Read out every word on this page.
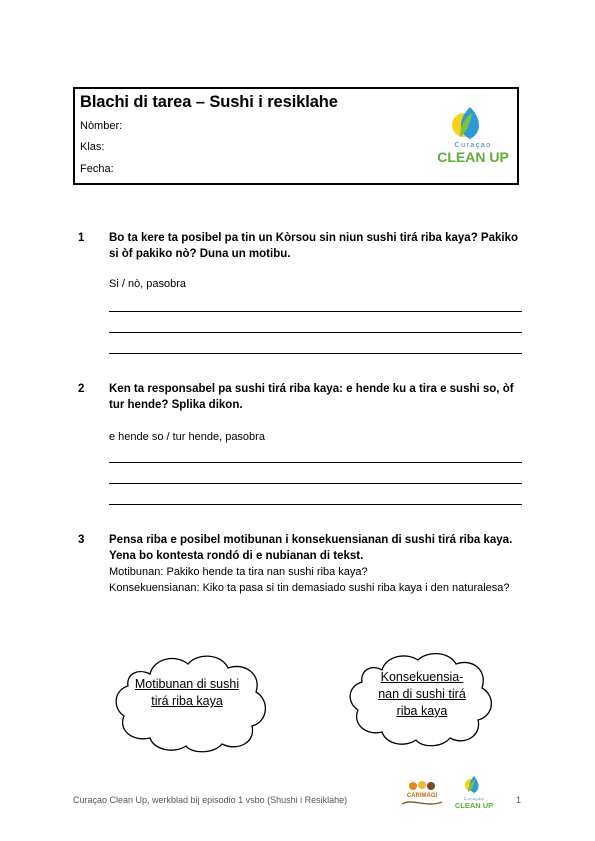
Blachi di tarea – Sushi i resiklahe
Nòmber:
Klas:
Fecha:
Curaçao
CLEAN UP
1 Bo ta kere ta posibel pa tin un Kòrsou sin niun sushi tirá riba kaya? Pakiko si òf pakiko nò? Duna un motibu.
Si / nò, pasobra
2 Ken ta responsabel pa sushi tirá riba kaya: e hende ku a tira e sushi so, òf tur hende? Splika dikon.
e hende so / tur hende, pasobra
3 Pensa riba e posibel motibunan i konsekuensianan di sushi tirá riba kaya. Yena bo kontesta rondó di e nubianan di tekst.
Motibunan: Pakiko hende ta tira nan sushi riba kaya?
Konsekuensianan: Kiko ta pasa si tin demasiado sushi riba kaya i den naturalesa?
Motibunan di sushi tirá riba kaya
Konsekuensia-nan di sushi tirá riba kaya
Curaçao Clean Up, werkblad bij episodio 1 vsbo (Shushi i Resiklahe)	CARIMAGI	Curaçao
CLEAN UP
1
